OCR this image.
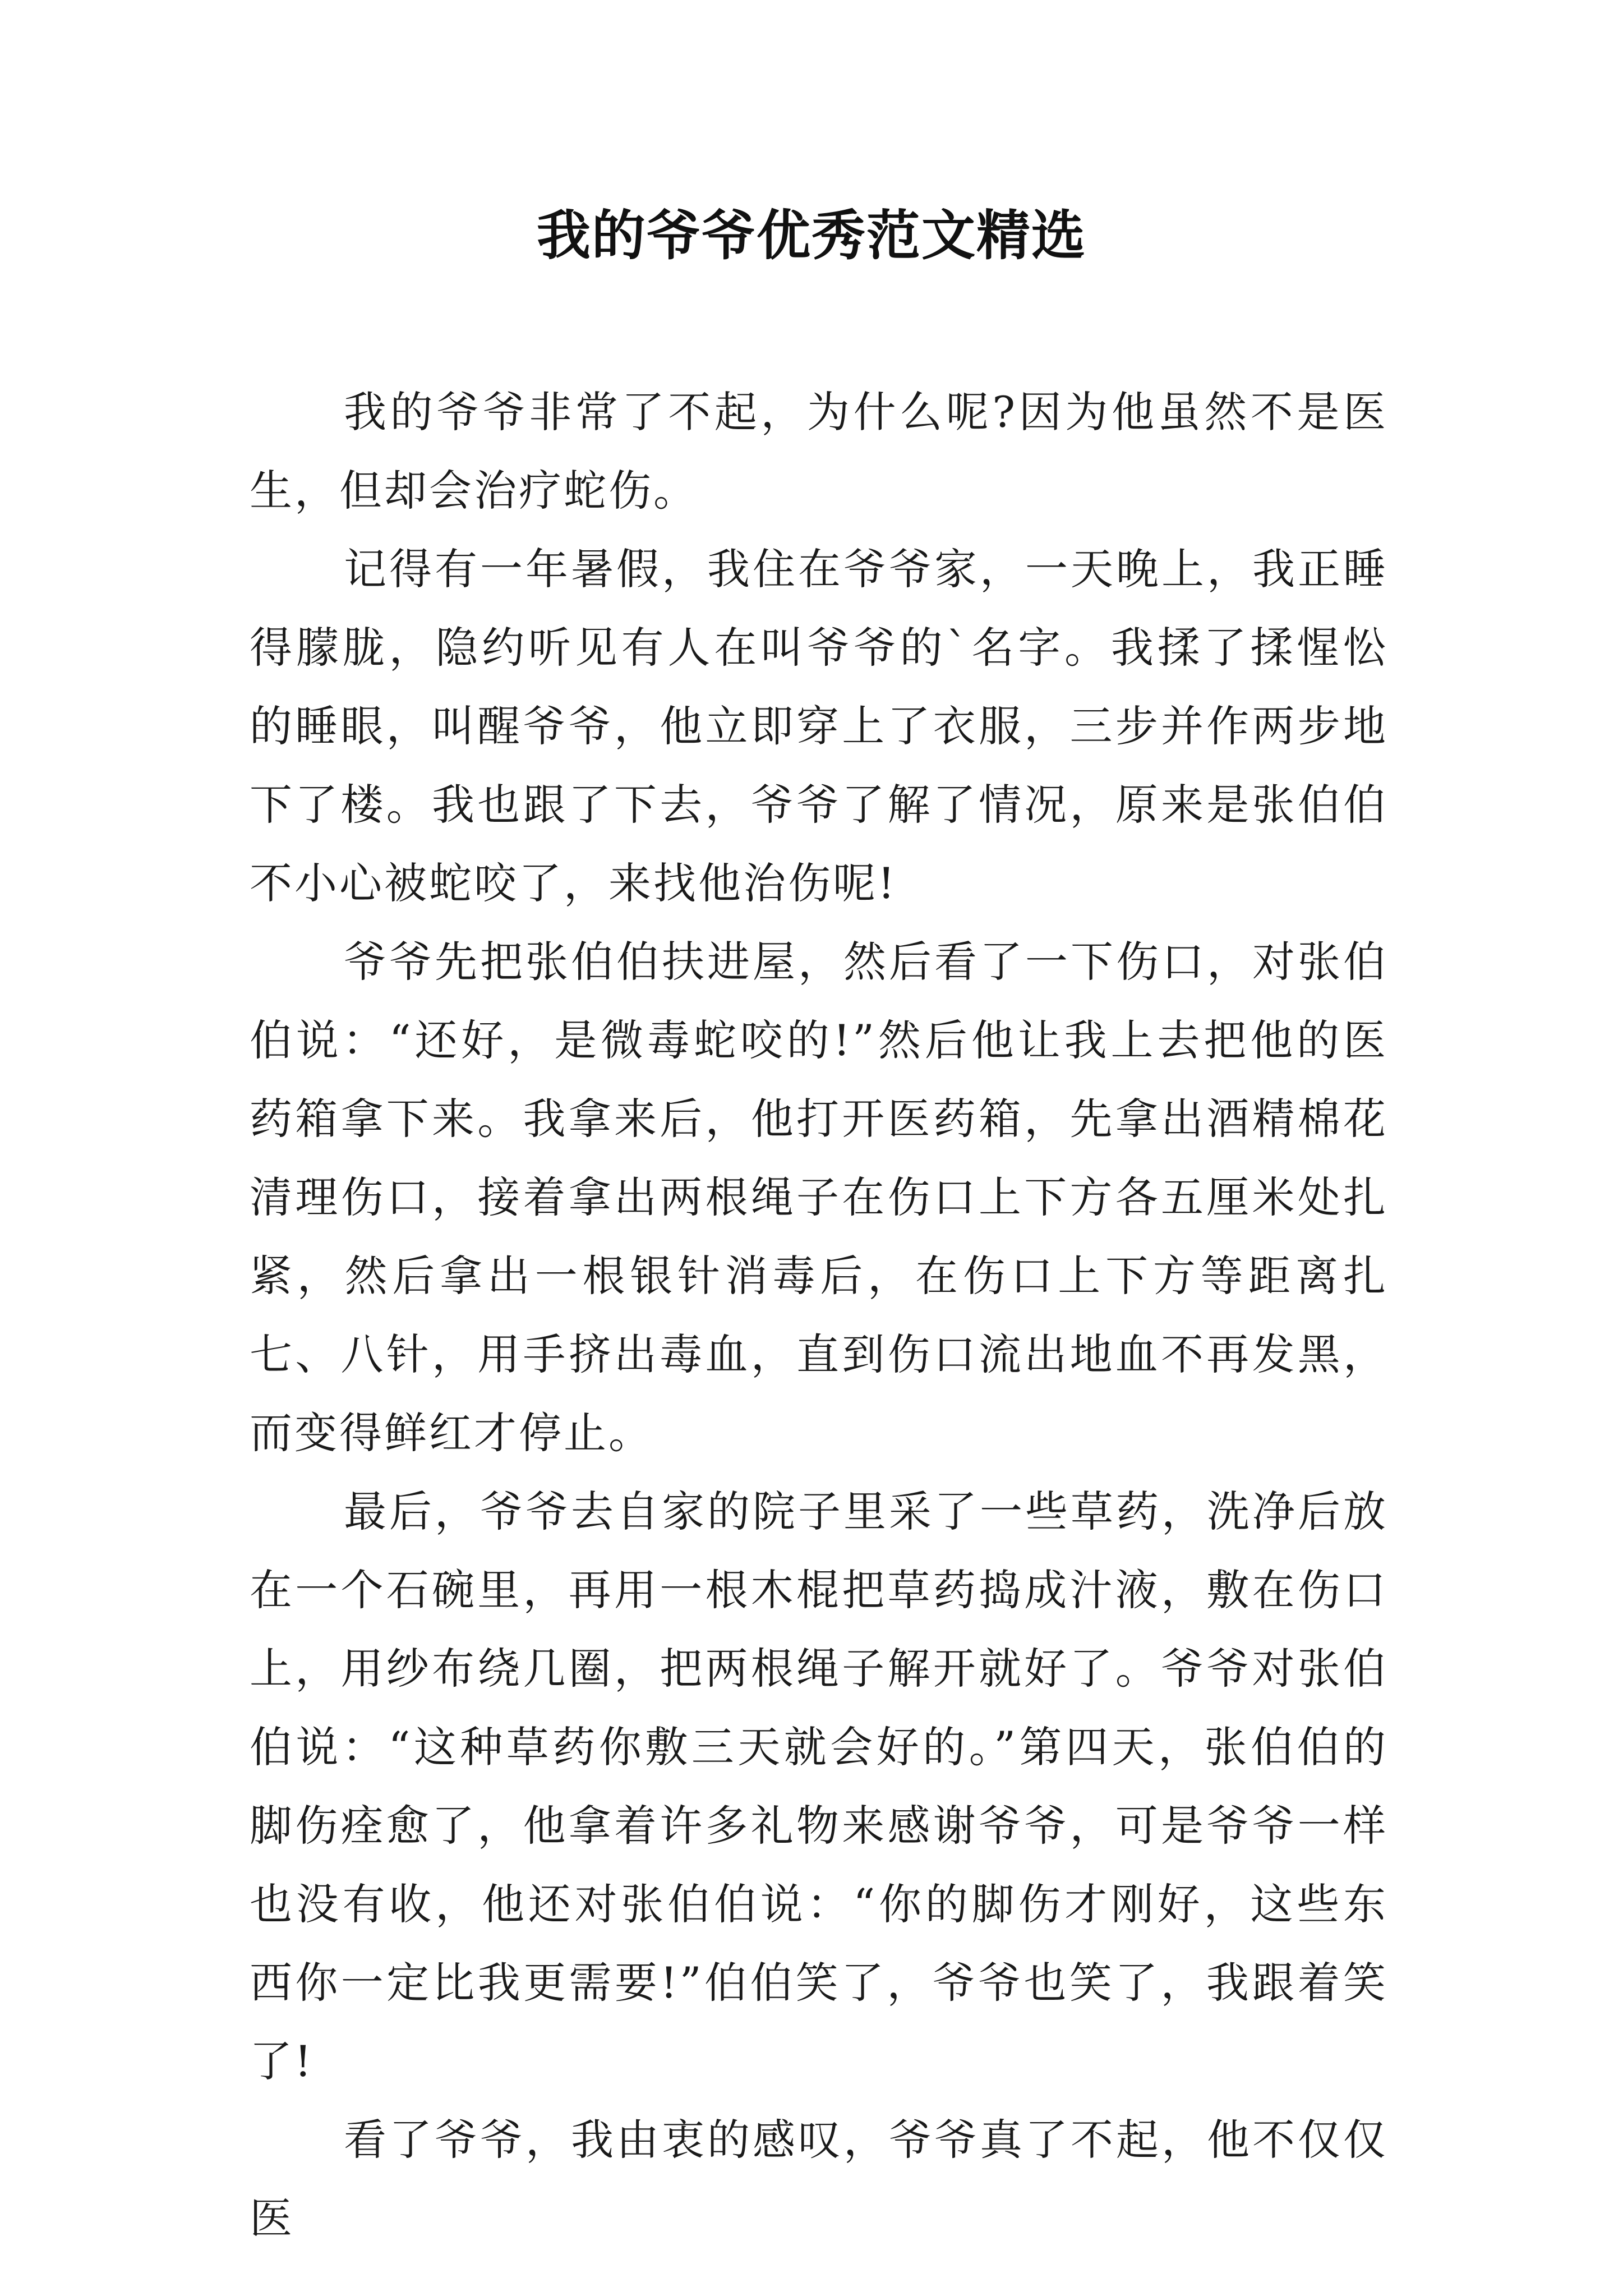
我的爷爷优秀范文精选

我的爷爷非常了不起，为什么呢?因为他虽然不是医生，但却会治疗蛇伤。

记得有一年暑假，我住在爷爷家，一天晚上，我正睡得朦胧，隐约听见有人在叫爷爷的`名字。我揉了揉惺忪的睡眼，叫醒爷爷，他立即穿上了衣服，三步并作两步地下了楼。我也跟了下去，爷爷了解了情况，原来是张伯伯不小心被蛇咬了，来找他治伤呢!

爷爷先把张伯伯扶进屋，然后看了一下伤口，对张伯伯说：“还好，是微毒蛇咬的!”然后他让我上去把他的医药箱拿下来。我拿来后，他打开医药箱，先拿出酒精棉花清理伤口，接着拿出两根绳子在伤口上下方各五厘米处扎紧，然后拿出一根银针消毒后，在伤口上下方等距离扎七、八针，用手挤出毒血，直到伤口流出地血不再发黑，而变得鲜红才停止。

最后，爷爷去自家的院子里采了一些草药，洗净后放在一个石碗里，再用一根木棍把草药捣成汁液，敷在伤口上，用纱布绕几圈，把两根绳子解开就好了。爷爷对张伯伯说：“这种草药你敷三天就会好的。”第四天，张伯伯的脚伤痊愈了，他拿着许多礼物来感谢爷爷，可是爷爷一样也没有收，他还对张伯伯说：“你的脚伤才刚好，这些东西你一定比我更需要!”伯伯笑了，爷爷也笑了，我跟着笑了!

看了爷爷，我由衷的感叹，爷爷真了不起，他不仅仅医
